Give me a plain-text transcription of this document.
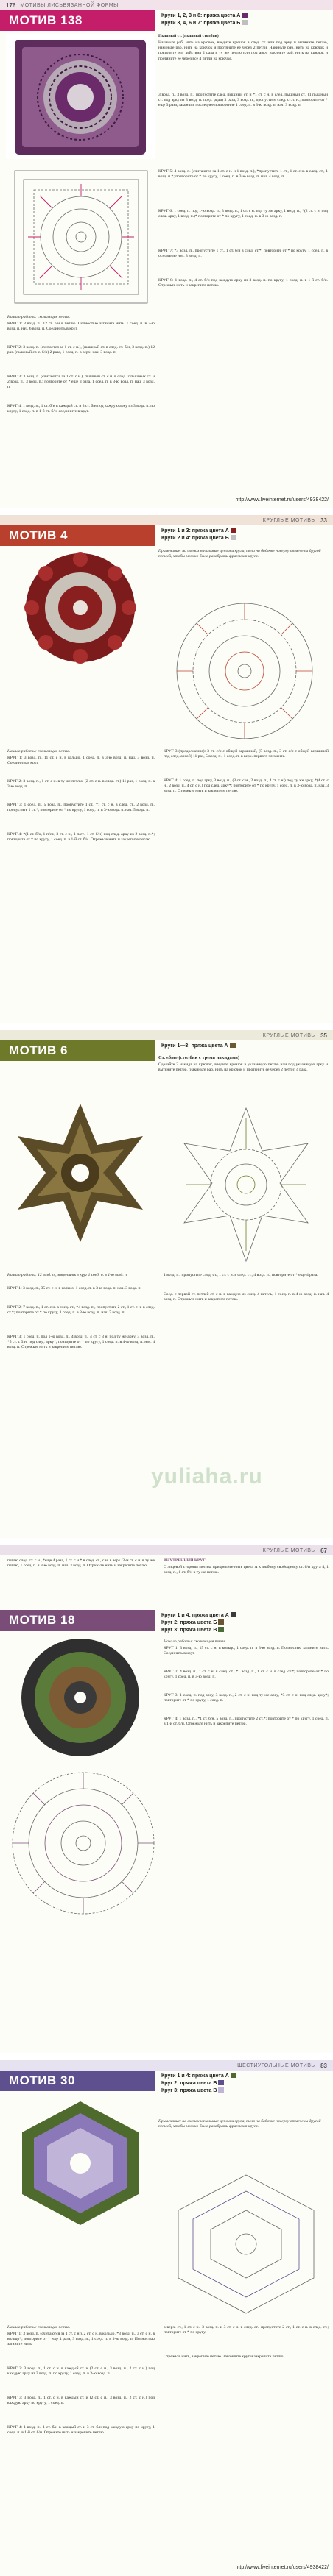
176 МОТИВЫ ЛИСЬВЯЗАННОЙ ФОРМЫ
МОТИВ 138	Круги 1, 2, 3 и 8: пряжа цвета А
Круги 3, 4, 6 и 7: пряжа цвета Б
Пышный ст. (пышный столбик)
Накиньте раб. нить на крючок, введите крючок в след. ст. или под арку и вытяните петлю, накиньте раб. нить на крючок и протяните ее через 2 петли. Накиньте раб. нить на крючок и повторите эти действия 2 раза в ту же петлю или под арку, накиньте раб. нить на крючок и протяните ее через все 4 петли на крючке.
3 возд. п., 3 возд. п., пропустите след. пышный ст. и *1 ст. с н. в след. пышный ст., (1 пышный ст. под арку из 3 возд. п. пред. ряда) 3 раза, 3 возд. п., пропустите след. ст. с н.; повторите от * еще 3 раза, закончив последнее повторение 1 соед. п. в 3-ю возд. п. нач. 3 возд. п.
Начало работы: скользящая петля.
КРУГ 1: 3 возд. п., 12 ст. б/н в петлю. Полностью затяните нить. 1 соед. п. в 3-ю возд. п. нач. 6 возд. п. Соединить в круг.
КРУГ 2: 3 возд. п. (считается за 1 ст. с н.), (пышный ст. в след. ст. б/н, 3 возд. п.) 12 раз. (пышный ст. с. б/н) 2 раза, 1 соед. п. в верх. нач. 3 возд. п.
КРУГ 3: 3 возд. п. (считаются за 1 ст. с н.), пышный ст. с н. в след. 2 пышных ст. и 2 возд. п., 3 возд. п.; повторите от * еще 3 раза. 1 соед. п. в 3-ю возд. п. нач. 3 возд. п.
КРУГ 4: 1 возд. п., 1 ст. б/н в каждый ст. и 3 ст. б/н под каждую арку из 3 возд. п. по кругу, 1 соед. п. в 1-й ст. б/н, соедините в круг.
КРУГ 5: 4 возд. п. (считаются за 1 ст. с н. и 1 возд. п.), *пропустите 1 ст., 1 ст. с н. в след. ст., 1 возд. п.*; повторите от * по кругу, 1 соед. п. в 3-ю возд. п. нач. 4 возд. п.
КРУГ 6: 1 соед. п. под 1-ю возд. п., 3 возд. п., 1 ст. с н. под ту же арку, 1 возд. п., *(2 ст. с н. под след. арку, 1 возд. п.)* повторите от * по кругу, 1 соед. п. в 3-ю возд. п.
КРУГ 7: *3 возд. п., пропустите 1 ст., 1 ст. б/н в след. ст.*; повторите от * по кругу, 1 соед. п. в основание нач. 3 возд. п.
КРУГ 8: 1 возд. п., 4 ст. б/н под каждую арку из 3 возд. п. по кругу, 1 соед. п. в 1-й ст. б/н. Отрежьте нить и закрепите петлю.
http://www.liveinternet.ru/users/4938422/
КРУГЛЫЕ МОТИВЫ 33
МОТИВ 4	Круги 1 и 3: пряжа цвета А
Круги 2 и 4: пряжа цвета Б
Примечание: на схемах начальные цепочки круга, тела на бабочке наверху отмечены другой петлей, чтобы можно было разобрать фрагмент круга.
Начало работы: скользящая петля.
КРУГ 1: 3 возд. п., 11 ст. с н. в кольцо, 1 соед. п. в 3-ю возд. п. нач. 3 возд. п. Соединить в круг.
КРУГ 2: 3 возд. п., 1 ст. с н. в ту же петлю, (2 ст. с н. в след. ст.) 11 раз, 1 соед. п. в 3-ю возд. п.
КРУГ 3: 1 соед. п., 5 возд. п., пропустите 1 ст., *1 ст. с н. в след. ст., 2 возд. п., пропустите 1 ст.*; повторите от * по кругу, 1 соед. п. в 3-ю возд. п. нач. 5 возд. п.
КРУГ 4: *(1 ст. б/н, 1 п/ст., 3 ст. с н., 1 п/ст., 1 ст. б/н) под след. арку из 2 возд. п.*; повторите от * по кругу, 1 соед. п. в 1-й ст. б/н. Отрежьте нить и закрепите петлю.
КРУГ 3 (продолжение): 3 ст. с/н с общей вершиной, (5 возд. п., 3 ст. с/н с общей вершиной под след. аркой) 11 раз, 5 возд. п., 1 соед. п. в верх. первого элемента.
КРУГ 4: 1 соед. п. под арку, 3 возд. п., (3 ст. с н., 2 возд. п., 4 ст. с н.) под ту же арку, *(4 ст. с н., 2 возд. п., 4 ст. с н.) под след. арку*; повторите от * по кругу, 1 соед. п. в 3-ю возд. п. нач. 3 возд. п. Отрежьте нить и закрепите петлю.
КРУГЛЫЕ МОТИВЫ 35
МОТИВ 6	Круги 1—3: пряжа цвета А
Ст. «б/н» (столбик с тремя накидами)
Сделайте 3 накида на крючок, введите крючок в указанную петлю или под указанную арку и вытяните петлю, (накиньте раб. нить на крючок и протяните ее через 2 петли) 4 раза.
Начало работы: 12 возд. п., закрепить в круг 1 соед. п. в 1-ю возд. п.
КРУГ 1: 3 возд. п., 35 ст. с н. в кольцо, 1 соед. п. в 3-ю возд. п. нач. 3 возд. п.
КРУГ 2: 7 возд. п., 1 ст. с н. в след. ст., *4 возд. п., пропустите 2 ст., 1 ст. с н. в след. ст.*; повторите от * по кругу, 1 соед. п. в 3-ю возд. п. нач. 7 возд. п.
КРУГ 3: 1 соед. п. под 1-ю возд. п., 4 возд. п., 4 ст. с 3 н. под ту же арку, 3 возд. п., *5 ст. с 3 н. под след. арку*; повторите от * по кругу, 1 соед. п. в 4-ю возд. п. нач. 4 возд. п. Отрежьте нить и закрепите петлю.
1 возд. п., пропустите след. ст., 1 ст. с н. в след. ст., 4 возд. п., повторите от * еще 4 раза.
Соед. с первой ст. петлей ст. с н. в каждую из след. 4 петель, 1 соед. п. в 4-ю возд. п. нач. 4 возд. п. Отрежьте нить и закрепите петлю.
yuliaha.ru
КРУГЛЫЕ МОТИВЫ 67
петлю след. ст. с н., *еще 4 раза, 1 ст. с н.* в след. ст., с н. в верх. 3-м ст. с н. в ту же петлю, 1 соед. п. в 3-ю возд. п. нач. 3 возд. п. Отрежьте нить и закрепите петлю.
ВНУТРЕННИЙ КРУГ
С лицевой стороны мотива прикрепите нить цвета А к любому свободному ст. б/н круга 4, 1 возд. п., 1 ст. б/н в ту же петлю.
МОТИВ 18	Круги 1 и 4: пряжа цвета А
Круг 2: пряжа цвета Б
Круг 3: пряжа цвета В
Начало работы: скользящая петля.
КРУГ 1: 3 возд. п., 15 ст. с н. в кольцо, 1 соед. п. в 3-ю возд. п. Полностью затяните нить. Соединить в круг.
КРУГ 2: 4 возд. п., 1 ст. с н. в след. ст., *1 возд. п., 1 ст. с н. в след. ст.*; повторите от * по кругу, 1 соед. п. в 3-ю возд. п.
КРУГ 3: 1 соед. п. под арку, 3 возд. п., 2 ст. с н. под ту же арку, *3 ст. с н. под след. арку*; повторите от * по кругу, 1 соед. п.
КРУГ 4: 1 возд. п., *1 ст. б/н, 5 возд. п., пропустите 2 ст.*; повторите от * по кругу, 1 соед. п. в 1-й ст. б/н. Отрежьте нить и закрепите петлю.
ШЕСТИУГОЛЬНЫЕ МОТИВЫ 83
МОТИВ 30	Круги 1 и 4: пряжа цвета А
Круг 2: пряжа цвета Б
Круг 3: пряжа цвета В
Примечание: на схемах начальные цепочки круга, тела на бабочке наверху отмечены другой петлей, чтобы можно было разобрать фрагмент круга.
Начало работы: скользящая петля.
КРУГ 1: 3 возд. п. (считаются за 1 ст. с н.), 2 ст. с н. в кольцо, *3 возд. п., 3 ст. с н. в кольцо*; повторите от * еще 4 раза, 3 возд. п., 1 соед. п. в 3-ю возд. п. Полностью затяните нить.
КРУГ 2: 3 возд. п., 1 ст. с н. в каждый ст. и (2 ст. с н., 3 возд. п., 2 ст. с н.) под каждую арку из 3 возд. п. по кругу, 1 соед. п. в 3-ю возд. п.
КРУГ 3: 3 возд. п., 1 ст. с н. в каждый ст. и (2 ст. с н., 3 возд. п., 2 ст. с н.) под каждую арку по кругу, 1 соед. п.
КРУГ 4: 1 возд. п., 1 ст. б/н в каждый ст. и 3 ст. б/н под каждую арку по кругу, 1 соед. п. в 1-й ст. б/н. Отрежьте нить и закрепите петлю.
в верх. ст., 1 ст. с н., 3 возд. п. и 3 ст. с н. в след. ст., пропустите 2 ст., 1 ст. с н. в след. ст.; повторите от * по кругу.
Отрежьте нить, закрепите петлю. Закончите круг и закрепите петлю.
http://www.liveinternet.ru/users/4938422/
